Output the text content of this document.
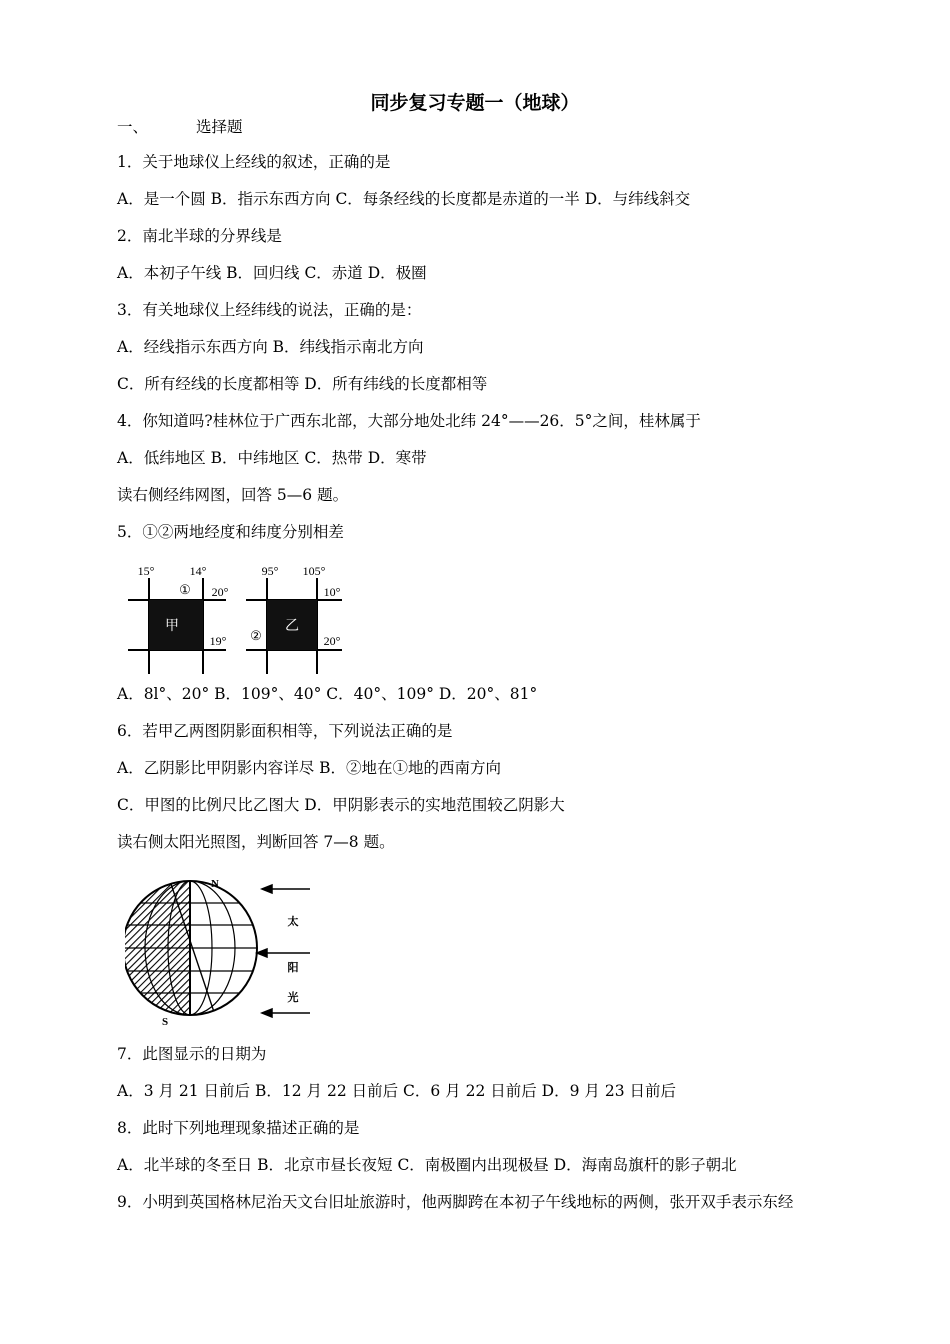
同步复习专题一（地球）
一、	选择题
1．关于地球仪上经线的叙述，正确的是
A．是一个圆 B．指示东西方向 C．每条经线的长度都是赤道的一半 D．与纬线斜交
2．南北半球的分界线是
A．本初子午线 B．回归线 C．赤道 D．极圈
3．有关地球仪上经纬线的说法，正确的是：
A．经线指示东西方向 B．纬线指示南北方向
C．所有经线的长度都相等 D．所有纬线的长度都相等
4．你知道吗?桂林位于广西东北部，大部分地处北纬 24°——26．5°之间，桂林属于
A．低纬地区 B．中纬地区 C．热带 D．寒带
读右侧经纬网图，回答 5—6 题。
5．①②两地经度和纬度分别相差
甲
15°	14°
20°
19°
①
乙
95° 105°
10°
20°
②
A．8l°、20° B．109°、40° C．40°、109° D．20°、81°
6．若甲乙两图阴影面积相等，下列说法正确的是
A．乙阴影比甲阴影内容详尽 B．②地在①地的西南方向
C．甲图的比例尺比乙图大 D．甲阴影表示的实地范围较乙阴影大
读右侧太阳光照图，判断回答 7—8 题。
N
S
太
阳
光
7．此图显示的日期为
A．3 月 21 日前后 B．12 月 22 日前后 C．6 月 22 日前后 D．9 月 23 日前后
8．此时下列地理现象描述正确的是
A．北半球的冬至日 B．北京市昼长夜短 C．南极圈内出现极昼 D．海南岛旗杆的影子朝北
9．小明到英国格林尼治天文台旧址旅游时，他两脚跨在本初子午线地标的两侧，张开双手表示东经
